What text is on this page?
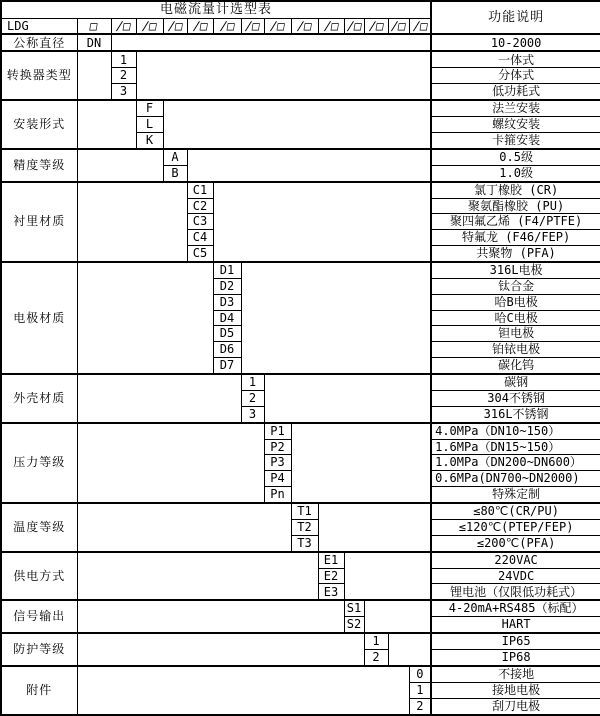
电磁流量计选型表															功能说明
LDG	□	/□	/□	/□	/□	/□	/□	/□	/□	/□	/□	/□	/□	/□	
公称直径	DN														10-2000
转换器类型		1													一体式
		2													分体式
		3													低功耗式
安装形式			F												法兰安装
			L												螺纹安装
			K												卡箍安装
精度等级				A											0.5级
				B											1.0级
衬里材质					C1										氯丁橡胶 (CR)
					C2										聚氨酯橡胶 (PU)
					C3										聚四氟乙烯 (F4/PTFE)
					C4										特氟龙 (F46/FEP)
					C5										共聚物 (PFA)
电极材质						D1									316L电极
						D2									钛合金
						D3									哈B电极
						D4									哈C电极
						D5									钽电极
						D6									铂铱电极
						D7									碳化钨
外壳材质							1								碳钢
							2								304不锈钢
							3								316L不锈钢
压力等级								P1							4.0MPa（DN10~150）
								P2							1.6MPa（DN15~150）
								P3							1.0MPa（DN200~DN600）
								P4							0.6MPa(DN700~DN2000)
								Pn							特殊定制
温度等级									T1						≤80℃(CR/PU)
									T2						≤120℃(PTEP/FEP)
									T3						≤200℃(PFA)
供电方式										E1					220VAC
										E2					24VDC
										E3					锂电池（仅限低功耗式）
信号输出											S1				4-20mA+RS485（标配）
											S2				HART
防护等级												1			IP65
												2			IP68
附件														0	不接地
														1	接地电极
														2	刮刀电极
